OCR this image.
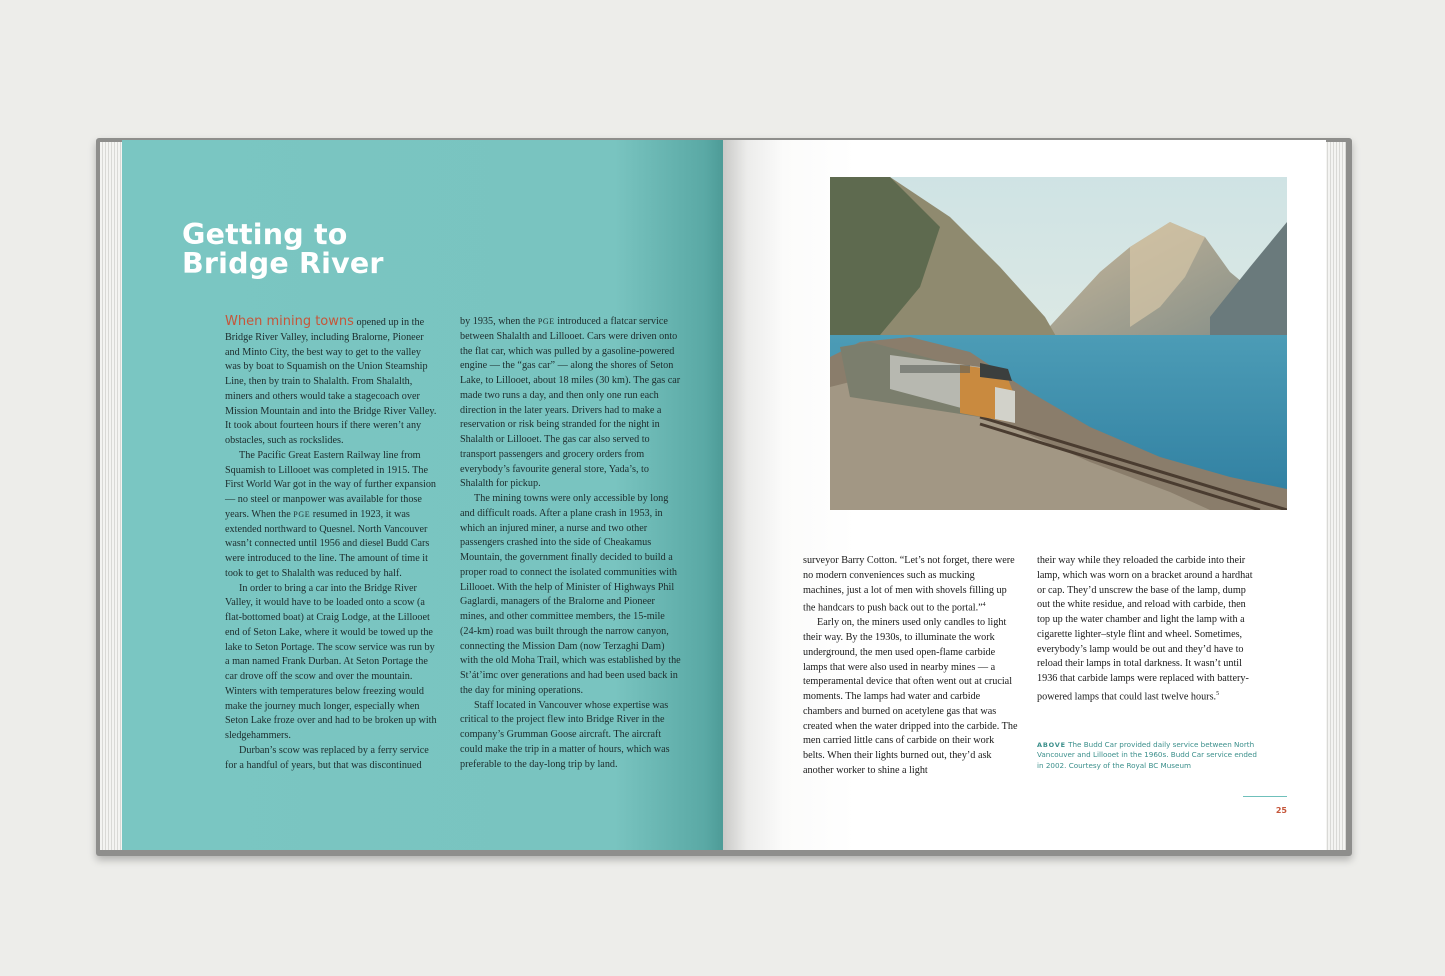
Getting to
Bridge River

When mining towns opened up in the Bridge River Valley, including Bralorne, Pioneer and Minto City, the best way to get to the valley was by boat to Squamish on the Union Steamship Line, then by train to Shalalth. From Shalalth, miners and others would take a stagecoach over Mission Mountain and into the Bridge River Valley. It took about fourteen hours if there weren’t any obstacles, such as rockslides.

The Pacific Great Eastern Railway line from Squamish to Lillooet was completed in 1915. The First World War got in the way of further expansion — no steel or manpower was available for those years. When the PGE resumed in 1923, it was extended northward to Quesnel. North Vancouver wasn’t connected until 1956 and diesel Budd Cars were introduced to the line. The amount of time it took to get to Shalalth was reduced by half.

In order to bring a car into the Bridge River Valley, it would have to be loaded onto a scow (a flat-bottomed boat) at Craig Lodge, at the Lillooet end of Seton Lake, where it would be towed up the lake to Seton Portage. The scow service was run by a man named Frank Durban. At Seton Portage the car drove off the scow and over the mountain. Winters with temperatures below freezing would make the journey much longer, especially when Seton Lake froze over and had to be broken up with sledgehammers.

Durban’s scow was replaced by a ferry service for a handful of years, but that was discontinued

by 1935, when the PGE introduced a flatcar service between Shalalth and Lillooet. Cars were driven onto the flat car, which was pulled by a gasoline-powered engine — the “gas car” — along the shores of Seton Lake, to Lillooet, about 18 miles (30 km). The gas car made two runs a day, and then only one run each direction in the later years. Drivers had to make a reservation or risk being stranded for the night in Shalalth or Lillooet. The gas car also served to transport passengers and grocery orders from everybody’s favourite general store, Yada’s, to Shalalth for pickup.

The mining towns were only accessible by long and difficult roads. After a plane crash in 1953, in which an injured miner, a nurse and two other passengers crashed into the side of Cheakamus Mountain, the government finally decided to build a proper road to connect the isolated communities with Lillooet. With the help of Minister of Highways Phil Gaglardi, managers of the Bralorne and Pioneer mines, and other committee members, the 15-mile (24-km) road was built through the narrow canyon, connecting the Mission Dam (now Terzaghi Dam) with the old Moha Trail, which was established by the St’át’imc over generations and had been used back in the day for mining operations.

Staff located in Vancouver whose expertise was critical to the project flew into Bridge River in the company’s Grumman Goose aircraft. The aircraft could make the trip in a matter of hours, which was preferable to the day-long trip by land.

surveyor Barry Cotton. “Let’s not forget, there were no modern conveniences such as mucking machines, just a lot of men with shovels filling up the handcars to push back out to the portal.”$^4$

Early on, the miners used only candles to light their way. By the 1930s, to illuminate the work underground, the men used open-flame carbide lamps that were also used in nearby mines — a temperamental device that often went out at crucial moments. The lamps had water and carbide chambers and burned on acetylene gas that was created when the water dripped into the carbide. The men carried little cans of carbide on their work belts. When their lights burned out, they’d ask another worker to shine a light

their way while they reloaded the carbide into their lamp, which was worn on a bracket around a hardhat or cap. They’d unscrew the base of the lamp, dump out the white residue, and reload with carbide, then top up the water chamber and light the lamp with a cigarette lighter–style flint and wheel. Sometimes, everybody’s lamp would be out and they’d have to reload their lamps in total darkness. It wasn’t until 1936 that carbide lamps were replaced with battery-powered lamps that could last twelve hours.$^5$

ABOVE The Budd Car provided daily service between North Vancouver and Lillooet in the 1960s. Budd Car service ended in 2002. Courtesy of the Royal BC Museum
25
